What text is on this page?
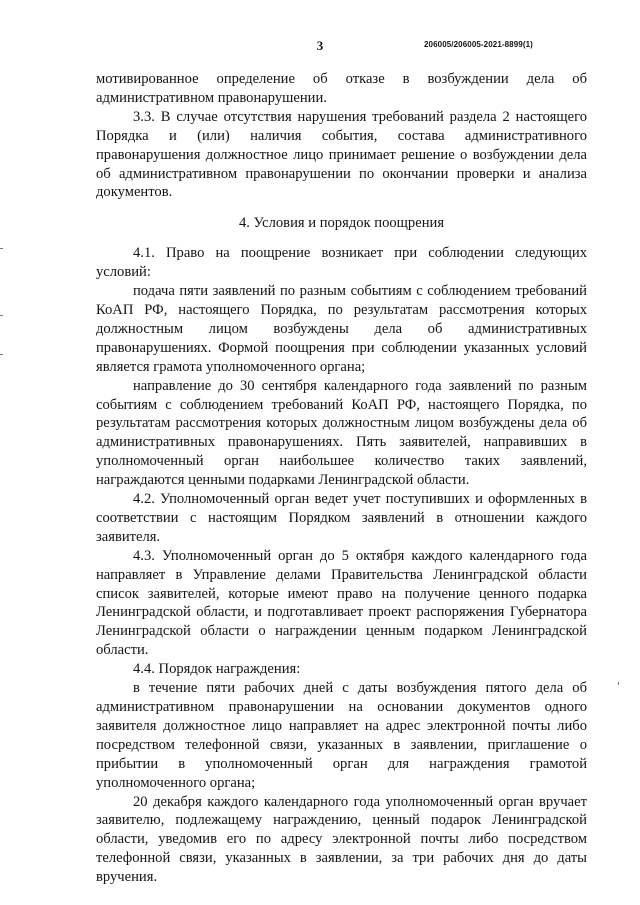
3	206005/206005-2021-8899(1)

мотивированное определение об отказе в возбуждении дела об административном правонарушении.

3.3. В случае отсутствия нарушения требований раздела 2 настоящего Порядка и (или) наличия события, состава административного правонарушения должностное лицо принимает решение о возбуждении дела об административном правонарушении по окончании проверки и анализа документов.

4. Условия и порядок поощрения

4.1. Право на поощрение возникает при соблюдении следующих условий:

подача пяти заявлений по разным событиям с соблюдением требований КоАП РФ, настоящего Порядка, по результатам рассмотрения которых должностным лицом возбуждены дела об административных правонарушениях. Формой поощрения при соблюдении указанных условий является грамота уполномоченного органа;

направление до 30 сентября календарного года заявлений по разным событиям с соблюдением требований КоАП РФ, настоящего Порядка, по результатам рассмотрения которых должностным лицом возбуждены дела об административных правонарушениях. Пять заявителей, направивших в уполномоченный орган наибольшее количество таких заявлений, награждаются ценными подарками Ленинградской области.

4.2. Уполномоченный орган ведет учет поступивших и оформленных в соответствии с настоящим Порядком заявлений в отношении каждого заявителя.

4.3. Уполномоченный орган до 5 октября каждого календарного года направляет в Управление делами Правительства Ленинградской области список заявителей, которые имеют право на получение ценного подарка Ленинградской области, и подготавливает проект распоряжения Губернатора Ленинградской области о награждении ценным подарком Ленинградской области.

4.4. Порядок награждения:

в течение пяти рабочих дней с даты возбуждения пятого дела об административном правонарушении на основании документов одного заявителя должностное лицо направляет на адрес электронной почты либо посредством телефонной связи, указанных в заявлении, приглашение о прибытии в уполномоченный орган для награждения грамотой уполномоченного органа;

20 декабря каждого календарного года уполномоченный орган вручает заявителю, подлежащему награждению, ценный подарок Ленинградской области, уведомив его по адресу электронной почты либо посредством телефонной связи, указанных в заявлении, за три рабочих дня до даты вручения.
